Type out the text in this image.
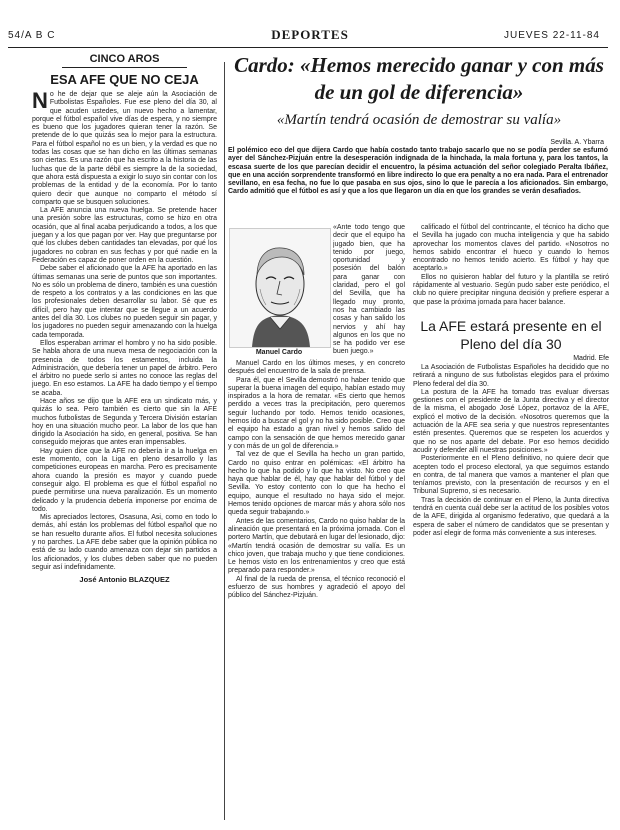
54/A B C	DEPORTES	JUEVES 22-11-84
CINCO AROS
ESA AFE QUE NO CEJA

No he de dejar que se aleje aún la Asociación de Futbolistas Españoles. Fue ese pleno del día 30, al que acuden ustedes, un nuevo hecho a lamentar, porque el fútbol español vive días de espera, y no siempre es bueno que los jugadores quieran tener la razón. Se pretende de lo que quizás sea lo mejor para la estructura. Para el fútbol español no es un bien, y la verdad es que no todas las cosas que se han dicho en las últimas semanas son ciertas. Es una razón que ha escrito a la historia de las luchas que de la parte débil es siempre la de la sociedad, que ahora está dispuesta a exigir lo suyo sin contar con los problemas de la entidad y de la economía. Por lo tanto quiero decir que aunque no comparto el método sí comparto que se busquen soluciones.

La AFE anuncia una nueva huelga. Se pretende hacer una presión sobre las estructuras, como se hizo en otra ocasión, que al final acaba perjudicando a todos, a los que juegan y a los que pagan por ver. Hay que preguntarse por qué los clubes deben cantidades tan elevadas, por qué los jugadores no cobran en sus fechas y por qué nadie en la Federación es capaz de poner orden en la cuestión.

Debe saber el aficionado que la AFE ha aportado en las últimas semanas una serie de puntos que son importantes. No es sólo un problema de dinero, también es una cuestión de respeto a los contratos y a las condiciones en las que los profesionales deben desarrollar su labor. Sé que es difícil, pero hay que intentar que se llegue a un acuerdo antes del día 30. Los clubes no pueden seguir sin pagar, y los jugadores no pueden seguir amenazando con la huelga cada temporada.

Ellos esperaban arrimar el hombro y no ha sido posible. Se habla ahora de una nueva mesa de negociación con la presencia de todos los estamentos, incluida la Administración, que debería tener un papel de árbitro. Pero el árbitro no puede serlo si antes no conoce las reglas del juego. En eso estamos. La AFE ha dado tiempo y el tiempo se acaba.

Hace años se dijo que la AFE era un sindicato más, y quizás lo sea. Pero también es cierto que sin la AFE muchos futbolistas de Segunda y Tercera División estarían hoy en una situación mucho peor. La labor de los que han dirigido la Asociación ha sido, en general, positiva. Se han conseguido mejoras que antes eran impensables.

Hay quien dice que la AFE no debería ir a la huelga en este momento, con la Liga en pleno desarrollo y las competiciones europeas en marcha. Pero es precisamente ahora cuando la presión es mayor y cuando puede conseguir algo. El problema es que el fútbol español no puede permitirse una nueva paralización. Es un momento delicado y la prudencia debería imponerse por encima de todo.

Mis apreciados lectores, Osasuna, Asi, como en todo lo demás, ahí están los problemas del fútbol español que no se han resuelto durante años. El futbol necesita soluciones y no parches. La AFE debe saber que la opinión pública no está de su lado cuando amenaza con dejar sin partidos a los aficionados, y los clubes deben saber que no pueden seguir así indefinidamente.

José Antonio BLAZQUEZ
Cardo: «Hemos merecido ganar y con más de un gol de diferencia»
«Martín tendrá ocasión de demostrar su valía»
Sevilla. A. Ybarra
El polémico eco del que dijera Cardo que había costado tanto trabajo sacarlo que no se podía perder se esfumó ayer del Sánchez-Pizjuán entre la desesperación indignada de la hinchada, la mala fortuna y, para los tantos, la escasa suerte de los que parecían decidir el encuentro, la pésima actuación del señor colegiado Peralta Ibáñez, que en una acción sorprendente transformó en libre indirecto lo que era penalty a no era nada. Para el entrenador sevillano, en esa fecha, no fue lo que pasaba en sus ojos, sino lo que le parecía a los aficionados. Sin embargo, Cardo admitió que el fútbol es así y que a los que llegaron un día en que los grandes se verán desafiados.
Manuel Cardo
«Ante todo tengo que decir que el equipo ha jugado bien, que ha tenido por juego, oportunidad y posesión del balón para ganar con claridad, pero el gol del Sevilla, que ha llegado muy pronto, nos ha cambiado las cosas y han salido los nervios y ahí hay algunos en los que no se ha podido ver ese buen juego.»

Manuel Cardo en los últimos meses, y en concreto después del encuentro de la sala de prensa.

Para él, que el Sevilla demostró no haber tenido que superar la buena imagen del equipo, habían estado muy inspirados a la hora de rematar. «Es cierto que hemos perdido a veces tras la precipitación, pero queremos seguir luchando por todo. Hemos tenido ocasiones, hemos ido a buscar el gol y no ha sido posible. Creo que el equipo ha estado a gran nivel y hemos salido del campo con la sensación de que hemos merecido ganar y con más de un gol de diferencia.»

Tal vez de que el Sevilla ha hecho un gran partido, Cardo no quiso entrar en polémicas: «El árbitro ha hecho lo que ha podido y lo que ha visto. No creo que haya que hablar de él, hay que hablar del fútbol y del Sevilla. Yo estoy contento con lo que ha hecho el equipo, aunque el resultado no haya sido el mejor. Hemos tenido opciones de marcar más y ahora sólo nos queda seguir trabajando.»

Antes de las comentarios, Cardo no quiso hablar de la alineación que presentará en la próxima jornada. Con el portero Martín, que debutará en lugar del lesionado, dijo: «Martín tendrá ocasión de demostrar su valía. Es un chico joven, que trabaja mucho y que tiene condiciones. Le hemos visto en los entrenamientos y creo que está preparado para responder.»

Al final de la rueda de prensa, el técnico reconoció el esfuerzo de sus hombres y agradeció el apoyo del público del Sánchez-Pizjuán.

calificado el fútbol del contrincante, el técnico ha dicho que el Sevilla ha jugado con mucha inteligencia y que ha sabido aprovechar los momentos claves del partido. «Nosotros no hemos sabido encontrar el hueco y cuando lo hemos encontrado no hemos tenido acierto. Es fútbol y hay que aceptarlo.»

Ellos no quisieron hablar del futuro y la plantilla se retiró rápidamente al vestuario. Según pudo saber este periódico, el club no quiere precipitar ninguna decisión y prefiere esperar a que pase la próxima jornada para hacer balance.

La AFE estará presente en el Pleno del día 30
Madrid. Efe

La Asociación de Futbolistas Españoles ha decidido que no retirará a ninguno de sus futbolistas elegidos para el próximo Pleno federal del día 30.

La postura de la AFE ha tomado tras evaluar diversas gestiones con el presidente de la Junta directiva y el director de la misma, el abogado José López, portavoz de la AFE, explicó el motivo de la decisión. «Nosotros queremos que la actuación de la AFE sea seria y que nuestros representantes estén presentes. Queremos que se respeten los acuerdos y que no se nos aparte del debate. Por eso hemos decidido acudir y defender allí nuestras posiciones.»

Posteriormente en el Pleno definitivo, no quiere decir que acepten todo el proceso electoral, ya que seguimos estando en contra, de tal manera que vamos a mantener el plan que teníamos previsto, con la presentación de recursos y en el Tribunal Supremo, si es necesario.

Tras la decisión de continuar en el Pleno, la Junta directiva tendrá en cuenta cuál debe ser la actitud de los posibles votos de la AFE, dirigida al organismo federativo, que quedará a la espera de saber el número de candidatos que se presentan y poder así elegir de forma más conveniente a sus intereses.
